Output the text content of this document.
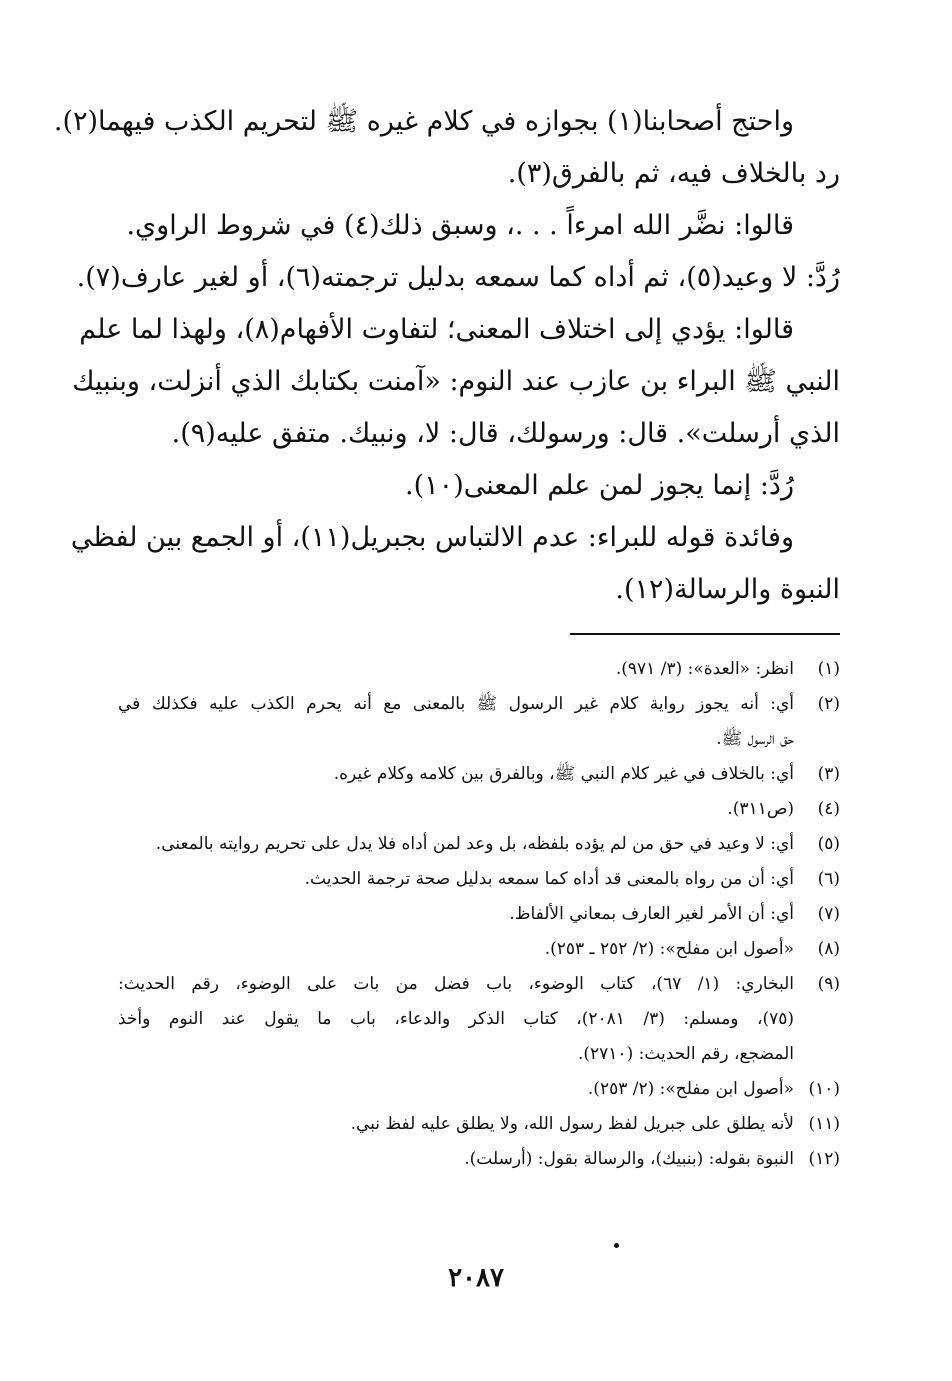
واحتج أصحابنا(١) بجوازه في كلام غيره ﷺ لتحريم الكذب فيهما(٢).
رد بالخلاف فيه، ثم بالفرق(٣).
قالوا: نضَّر الله امرءاً . . .، وسبق ذلك(٤) في شروط الراوي.
رُدَّ: لا وعيد(٥)، ثم أداه كما سمعه بدليل ترجمته(٦)، أو لغير عارف(٧).
قالوا: يؤدي إلى اختلاف المعنى؛ لتفاوت الأفهام(٨)، ولهذا لما علم
النبي ﷺ البراء بن عازب عند النوم: «آمنت بكتابك الذي أنزلت، وبنبيك
الذي أرسلت». قال: ورسولك، قال: لا، ونبيك. متفق عليه(٩).
رُدَّ: إنما يجوز لمن علم المعنى(١٠).
وفائدة قوله للبراء: عدم الالتباس بجبريل(١١)، أو الجمع بين لفظي
النبوة والرسالة(١٢).
(١)
انظر: «العدة»: (٣/ ٩٧١).
(٢)
أي: أنه يجوز رواية كلام غير الرسول ﷺ بالمعنى مع أنه يحرم الكذب عليه فكذلك في
حق الرسول ﷺ.
(٣)
أي: بالخلاف في غير كلام النبي ﷺ، وبالفرق بين كلامه وكلام غيره.
(٤)
(ص٣١١).
(٥)
أي: لا وعيد في حق من لم يؤده بلفظه، بل وعد لمن أداه فلا يدل على تحريم روايته بالمعنى.
(٦)
أي: أن من رواه بالمعنى قد أداه كما سمعه بدليل صحة ترجمة الحديث.
(٧)
أي: أن الأمر لغير العارف بمعاني الألفاظ.
(٨)
«أصول ابن مفلح»: (٢/ ٢٥٢ ـ ٢٥٣).
(٩)
البخاري: (١/ ٦٧)، كتاب الوضوء، باب فضل من بات على الوضوء، رقم الحديث:
(٧٥)، ومسلم: (٣/ ٢٠٨١)، كتاب الذكر والدعاء، باب ما يقول عند النوم وأخذ
المضجع، رقم الحديث: (٢٧١٠).
(١٠)
«أصول ابن مفلح»: (٢/ ٢٥٣).
(١١)
لأنه يطلق على جبريل لفظ رسول الله، ولا يطلق عليه لفظ نبي.
(١٢)
النبوة بقوله: (بنبيك)، والرسالة بقول: (أرسلت).
٢٠٨٧
